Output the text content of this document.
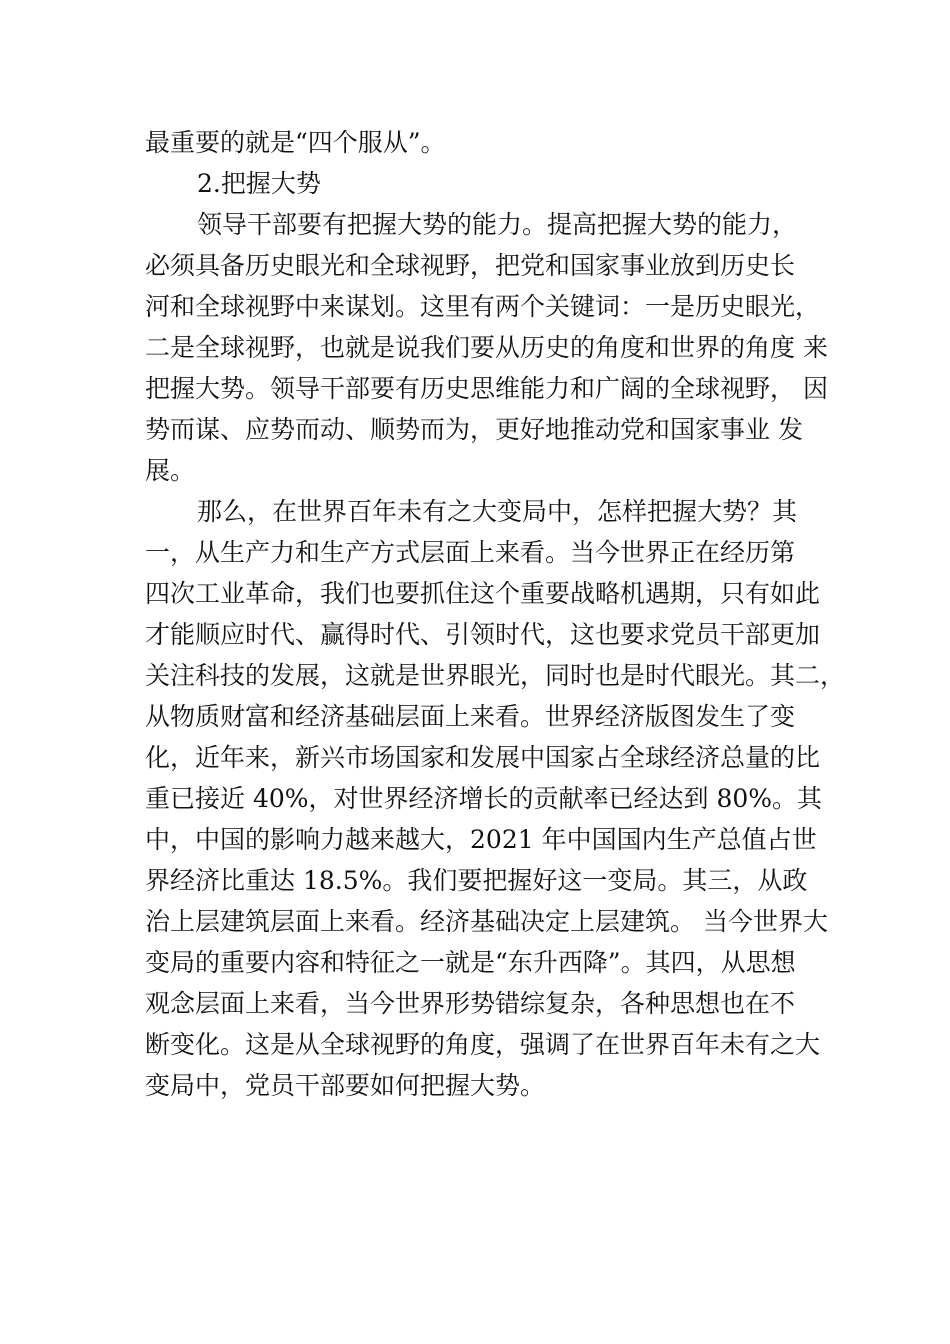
最重要的就是“四个服从”。
2.把握大势
领导干部要有把握大势的能力。提高把握大势的能力，
必须具备历史眼光和全球视野，把党和国家事业放到历史长
河和全球视野中来谋划。这里有两个关键词：一是历史眼光，
二是全球视野，也就是说我们要从历史的角度和世界的角度 来
把握大势。领导干部要有历史思维能力和广阔的全球视野， 因
势而谋、应势而动、顺势而为，更好地推动党和国家事业 发
展。
那么，在世界百年未有之大变局中，怎样把握大势？其
一，从生产力和生产方式层面上来看。当今世界正在经历第
四次工业革命，我们也要抓住这个重要战略机遇期，只有如此
才能顺应时代、赢得时代、引领时代，这也要求党员干部更加
关注科技的发展，这就是世界眼光，同时也是时代眼光。其二，
从物质财富和经济基础层面上来看。世界经济版图发生了变
化，近年来，新兴市场国家和发展中国家占全球经济总量的比
重已接近 40%，对世界经济增长的贡献率已经达到 80%。其
中，中国的影响力越来越大，2021 年中国国内生产总值占世
界经济比重达 18.5%。我们要把握好这一变局。其三，从政
治上层建筑层面上来看。经济基础决定上层建筑。 当今世界大
变局的重要内容和特征之一就是“东升西降”。其四，从思想
观念层面上来看，当今世界形势错综复杂，各种思想也在不
断变化。这是从全球视野的角度，强调了在世界百年未有之大
变局中，党员干部要如何把握大势。
